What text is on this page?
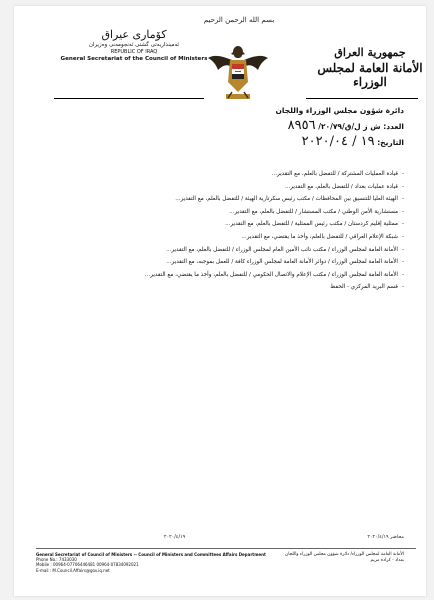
بسم الله الرحمن الرحيم
كوٚماری عیراق
ئه‌مینداریه‌تی گشتی ئه‌نجومه‌نی وه‌زیران
REPUBLIC OF IRAQ
General Secretariat of the Council of Ministers	جمهورية العراق
الأمانة العامة لمجلس الوزراء
دائرة شؤون مجلس الوزراء واللجان
العدد: ش ز ل/ق/٢٠/٧٩/ ٨٩٥٦
التاريخ: ١٩ / ٢٠٢٠/٠٤
-قيادة العمليات المشتركة / للتفضل بالعلم، مع التقدير...
-قيادة عمليات بغداد / للتفضل بالعلم، مع التقدير...
-الهيئة العليا للتنسيق بين المحافظات / مكتب رئيس سكرتارية الهيئة / للتفضل بالعلم، مع التقدير...
-مستشارية الأمن الوطني / مكتب المستشار / للتفضل بالعلم، مع التقدير...
-ممثلية إقليم كردستان / مكتب رئيس الممثلية / للتفضل بالعلم، مع التقدير...
-شبكة الإعلام العراقي / للتفضل بالعلم، وأخذ ما يقتضي، مع التقدير...
-الأمانة العامة لمجلس الوزراء / مكتب نائب الأمين العام لمجلس الوزراء / للتفضل بالعلم، مع التقدير...
-الأمانة العامة لمجلس الوزراء / دوائر الأمانة العامة لمجلس الوزراء كافة / للعمل بموجبه، مع التقدير...
-الأمانة العامة لمجلس الوزراء / مكتب الإعلام والاتصال الحكومي / للتفضل بالعلم، وأخذ ما يقتضي، مع التقدير...
-قسم البريد المركزي - الحفظ
محاضر ٢٠٢٠/٤/١٩
٢٠٢٠/٤/١٩
General Secretariat of Council of Ministers -- Council of Ministers and Committees Affairs Department
Phone No.: 7433030
Mobile : 00964-07706446481 00964-07834092021
E-mail : M.Council.Affairs@gov.iq.net
الأمانة العامة لمجلس الوزراء/ دائرة شؤون مجلس الوزراء واللجان
بغداد - كرادة مريم
